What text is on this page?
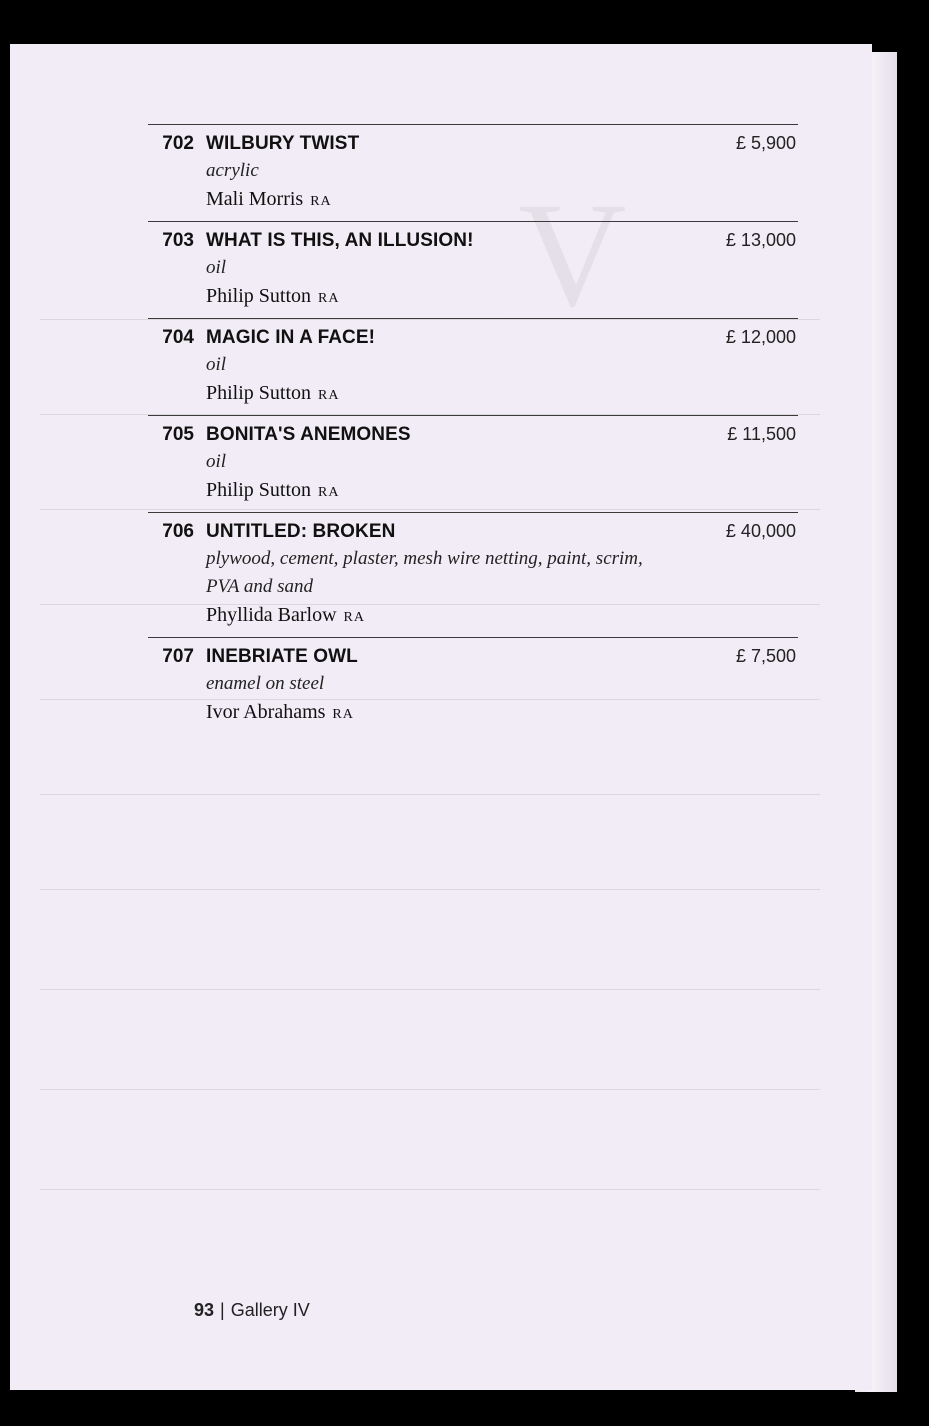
V
702 WILBURY TWIST	£ 5,900
acrylic
Mali Morris RA
703 WHAT IS THIS, AN ILLUSION!	£ 13,000
oil
Philip Sutton RA
704 MAGIC IN A FACE!	£ 12,000
oil
Philip Sutton RA
705 BONITA'S ANEMONES	£ 11,500
oil
Philip Sutton RA
706 UNTITLED: BROKEN	£ 40,000
plywood, cement, plaster, mesh wire netting, paint, scrim, PVA and sand
Phyllida Barlow RA
707 INEBRIATE OWL	£ 7,500
enamel on steel
Ivor Abrahams RA
93 | Gallery IV
